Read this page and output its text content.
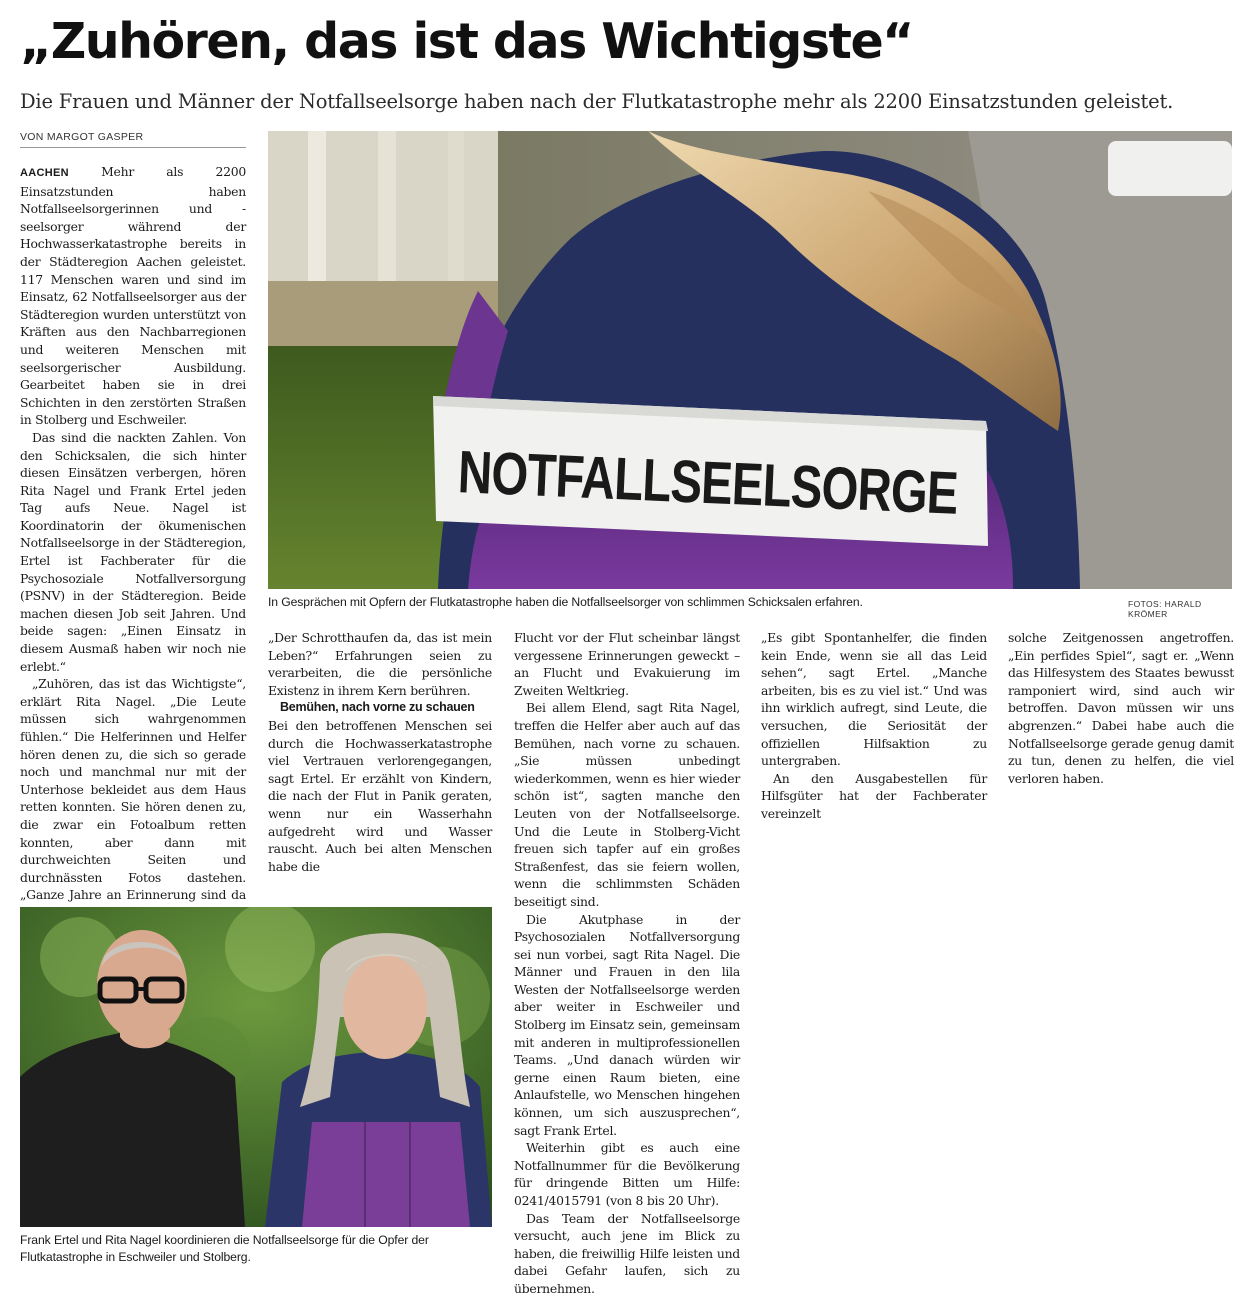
„Zuhören, das ist das Wichtigste“
Die Frauen und Männer der Notfallseelsorge haben nach der Flutkatastrophe mehr als 2200 Einsatzstunden geleistet.
VON MARGOT GASPER

AACHEN	Mehr als 2200 Einsatzstunden haben Notfallseelsorgerinnen und -seelsorger während der Hochwasserkatastrophe bereits in der Städteregion Aachen geleistet. 117 Menschen waren und sind im Einsatz, 62 Notfallseelsorger aus der Städteregion wurden unterstützt von Kräften aus den Nachbarregionen und weiteren Menschen mit seelsorgerischer Ausbildung. Gearbeitet haben sie in drei Schichten in den zerstörten Straßen in Stolberg und Eschweiler.

Das sind die nackten Zahlen. Von den Schicksalen, die sich hinter diesen Einsätzen verbergen, hören Rita Nagel und Frank Ertel jeden Tag aufs Neue. Nagel ist Koordinatorin der ökumenischen Notfallseelsorge in der Städteregion, Ertel ist Fachberater für die Psychosoziale Notfallversorgung (PSNV) in der Städteregion. Beide machen diesen Job seit Jahren. Und beide sagen: „Einen Einsatz in diesem Ausmaß haben wir noch nie erlebt.“

„Zuhören, das ist das Wichtigste“, erklärt Rita Nagel. „Die Leute müssen sich wahrgenommen fühlen.“ Die Helferinnen und Helfer hören denen zu, die sich so gerade noch und manchmal nur mit der Unterhose bekleidet aus dem Haus retten konnten. Sie hören denen zu, die zwar ein Fotoalbum retten konnten, aber dann mit durchweichten Seiten und durchnässten Fotos dastehen. „Ganze Jahre an Erinnerung sind da

NOTFALLSEELSORGE
In Gesprächen mit Opfern der Flutkatastrophe haben die Notfallseelsorger von schlimmen Schicksalen erfahren.	FOTOS: HARALD KRÖMER

„Der Schrotthaufen da, das ist mein Leben?“ Erfahrungen seien zu verarbeiten, die die persönliche Existenz in ihrem Kern berühren.

Bemühen, nach vorne zu schauen

Bei den betroffenen Menschen sei durch die Hochwasserkatastrophe viel Vertrauen verlorengegangen, sagt Ertel. Er erzählt von Kindern, die nach der Flut in Panik geraten, wenn nur ein Wasserhahn aufgedreht wird und Wasser rauscht. Auch bei alten Menschen habe die

Flucht vor der Flut scheinbar längst vergessene Erinnerungen geweckt – an Flucht und Evakuierung im Zweiten Weltkrieg.

Bei allem Elend, sagt Rita Nagel, treffen die Helfer aber auch auf das Bemühen, nach vorne zu schauen. „Sie müssen unbedingt wiederkommen, wenn es hier wieder schön ist“, sagten manche den Leuten von der Notfallseelsorge. Und die Leute in Stolberg-Vicht freuen sich tapfer auf ein großes Straßenfest, das sie feiern wollen, wenn die schlimmsten Schäden beseitigt sind.

Die Akutphase in der Psychosozialen Notfallversorgung sei nun vorbei, sagt Rita Nagel. Die Männer und Frauen in den lila Westen der Notfallseelsorge werden aber weiter in Eschweiler und Stolberg im Einsatz sein, gemeinsam mit anderen in multiprofessionellen Teams. „Und danach würden wir gerne einen Raum bieten, eine Anlaufstelle, wo Menschen hingehen können, um sich auszusprechen“, sagt Frank Ertel.

Weiterhin gibt es auch eine Notfallnummer für die Bevölkerung für dringende Bitten um Hilfe: 0241/4015791 (von 8 bis 20 Uhr).

Das Team der Notfallseelsorge versucht, auch jene im Blick zu haben, die freiwillig Hilfe leisten und dabei Gefahr laufen, sich zu übernehmen.

„Es gibt Spontanhelfer, die finden kein Ende, wenn sie all das Leid sehen“, sagt Ertel. „Manche arbeiten, bis es zu viel ist.“ Und was ihn wirklich aufregt, sind Leute, die versuchen, die Seriosität der offiziellen Hilfsaktion zu untergraben.

An den Ausgabestellen für Hilfsgüter hat der Fachberater vereinzelt

solche Zeitgenossen angetroffen. „Ein perfides Spiel“, sagt er. „Wenn das Hilfesystem des Staates bewusst ramponiert wird, sind auch wir betroffen. Davon müssen wir uns abgrenzen.“ Dabei habe auch die Notfallseelsorge gerade genug damit zu tun, denen zu helfen, die viel verloren haben.

Frank Ertel und Rita Nagel koordinieren die Notfallseelsorge für die Opfer der Flutkatastrophe in Eschweiler und Stolberg.
